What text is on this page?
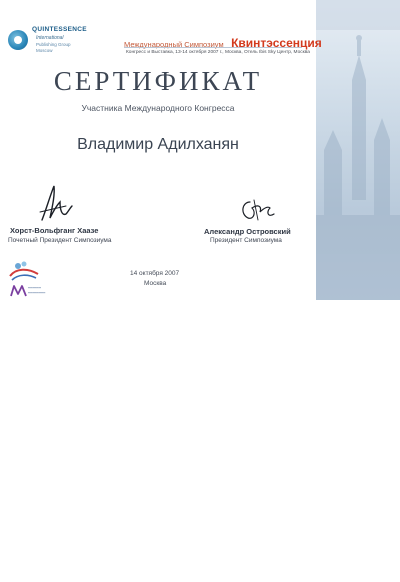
QUINTESSENCE
International
Publishing Group
Moscow
Международный Симпозиум Квинтэссенция
Конгресс и Выставка, 13-14 октября 2007 г., Москва, Отель Ibis Sky Центр, Москва
СЕРТИФИКАТ
Участника Международного Конгресса
Владимир Адилханян
Хорст-Вольфганг Хаазе
Почетный Президент Симпозиума
Александр Островский
Президент Симпозиума
━━━━━━
━━━━━━━━
14 октября 2007
Москва
